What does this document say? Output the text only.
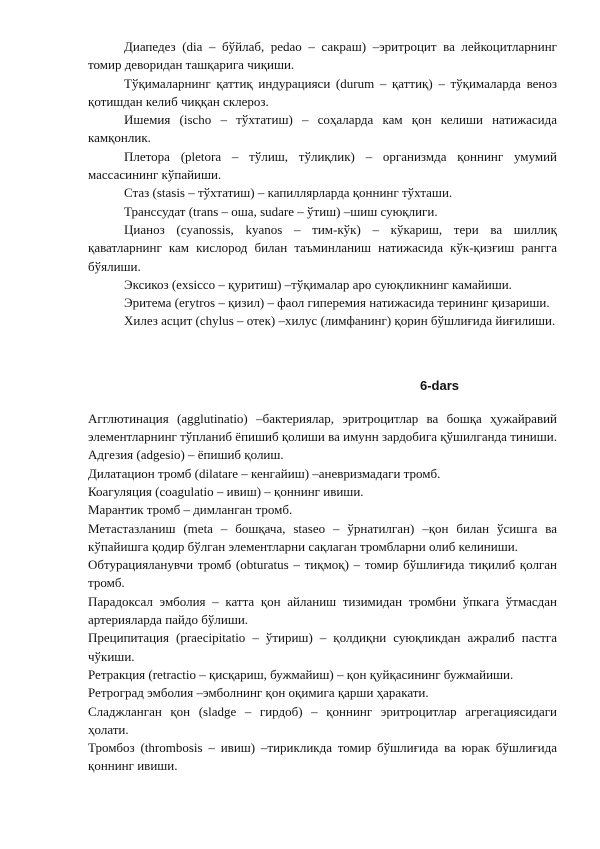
Диапедез (dia – бўйлаб, pedao – сакраш) –эритроцит ва лейкоцитларнинг томир деворидан ташқарига чиқиши.

Тўқималарнинг қаттиқ индурацияси (durum – қаттиқ) – тўқималарда веноз қотишдан келиб чиққан склероз.

Ишемия (ischo – тўхтатиш) – соҳаларда кам қон келиши натижасида камқонлик.

Плетора (pletora – тўлиш, тўлиқлик) – организмда қоннинг умумий массасининг кўпайиши.

Стаз (stasis – тўхтатиш) – капиллярларда қоннинг тўхташи.

Транссудат (trans – оша, sudare – ўтиш) –шиш суюқлиги.

Цианоз (cyanossis, kyanos – тим-кўк) – кўкариш, тери ва шиллиқ қаватларнинг кам кислород билан таъминланиш натижасида кўк-қизғиш рангга бўялиши.

Эксикоз (exsicco – қуритиш) –тўқималар аро суюқликнинг камайиши.

Эритема (erytros – қизил) – фаол гиперемия натижасида терининг қизариши.

Хилез асцит (chylus – отек) –хилус (лимфанинг) қорин бўшлиғида йиғилиши.

6-dars

Агглютинация (agglutinatio) –бактериялар, эритроцитлар ва бошқа ҳужайравий элементларнинг тўпланиб ёпишиб қолиши ва имунн зардобига қўшилганда тиниши.

Адгезия (adgesio) – ёпишиб қолиш.

Дилатацион тромб (dilatare – кенгайиш) –аневризмадаги тромб.

Коагуляция (coagulatio – ивиш) – қоннинг ивиши.

Марантик тромб – димланган тромб.

Метастазланиш (meta – бошқача, staseo – ўрнатилган) –қон билан ўсишга ва кўпайишга қодир бўлган элементларни сақлаган тромбларни олиб келиниши.

Обтурацияланувчи тромб (obturatus – тиқмоқ) – томир бўшлиғида тиқилиб қолган тромб.

Парадоксал эмболия – катта қон айланиш тизимидан тромбни ўпкага ўтмасдан артерияларда пайдо бўлиши.

Преципитация (praecipitatio – ўтириш) – қолдиқни суюқликдан ажралиб пастга чўкиши.

Ретракция (retractio – қисқариш, бужмайиш) – қон қуйқасининг бужмайиши.

Ретроград эмболия –эмболнинг қон оқимига қарши ҳаракати.

Сладжланган қон (sladge – гирдоб) – қоннинг эритроцитлар агрегациясидаги ҳолати.

Тромбоз (thrombosis – ивиш) –тирикликда томир бўшлиғида ва юрак бўшлиғида қоннинг ивиши.
